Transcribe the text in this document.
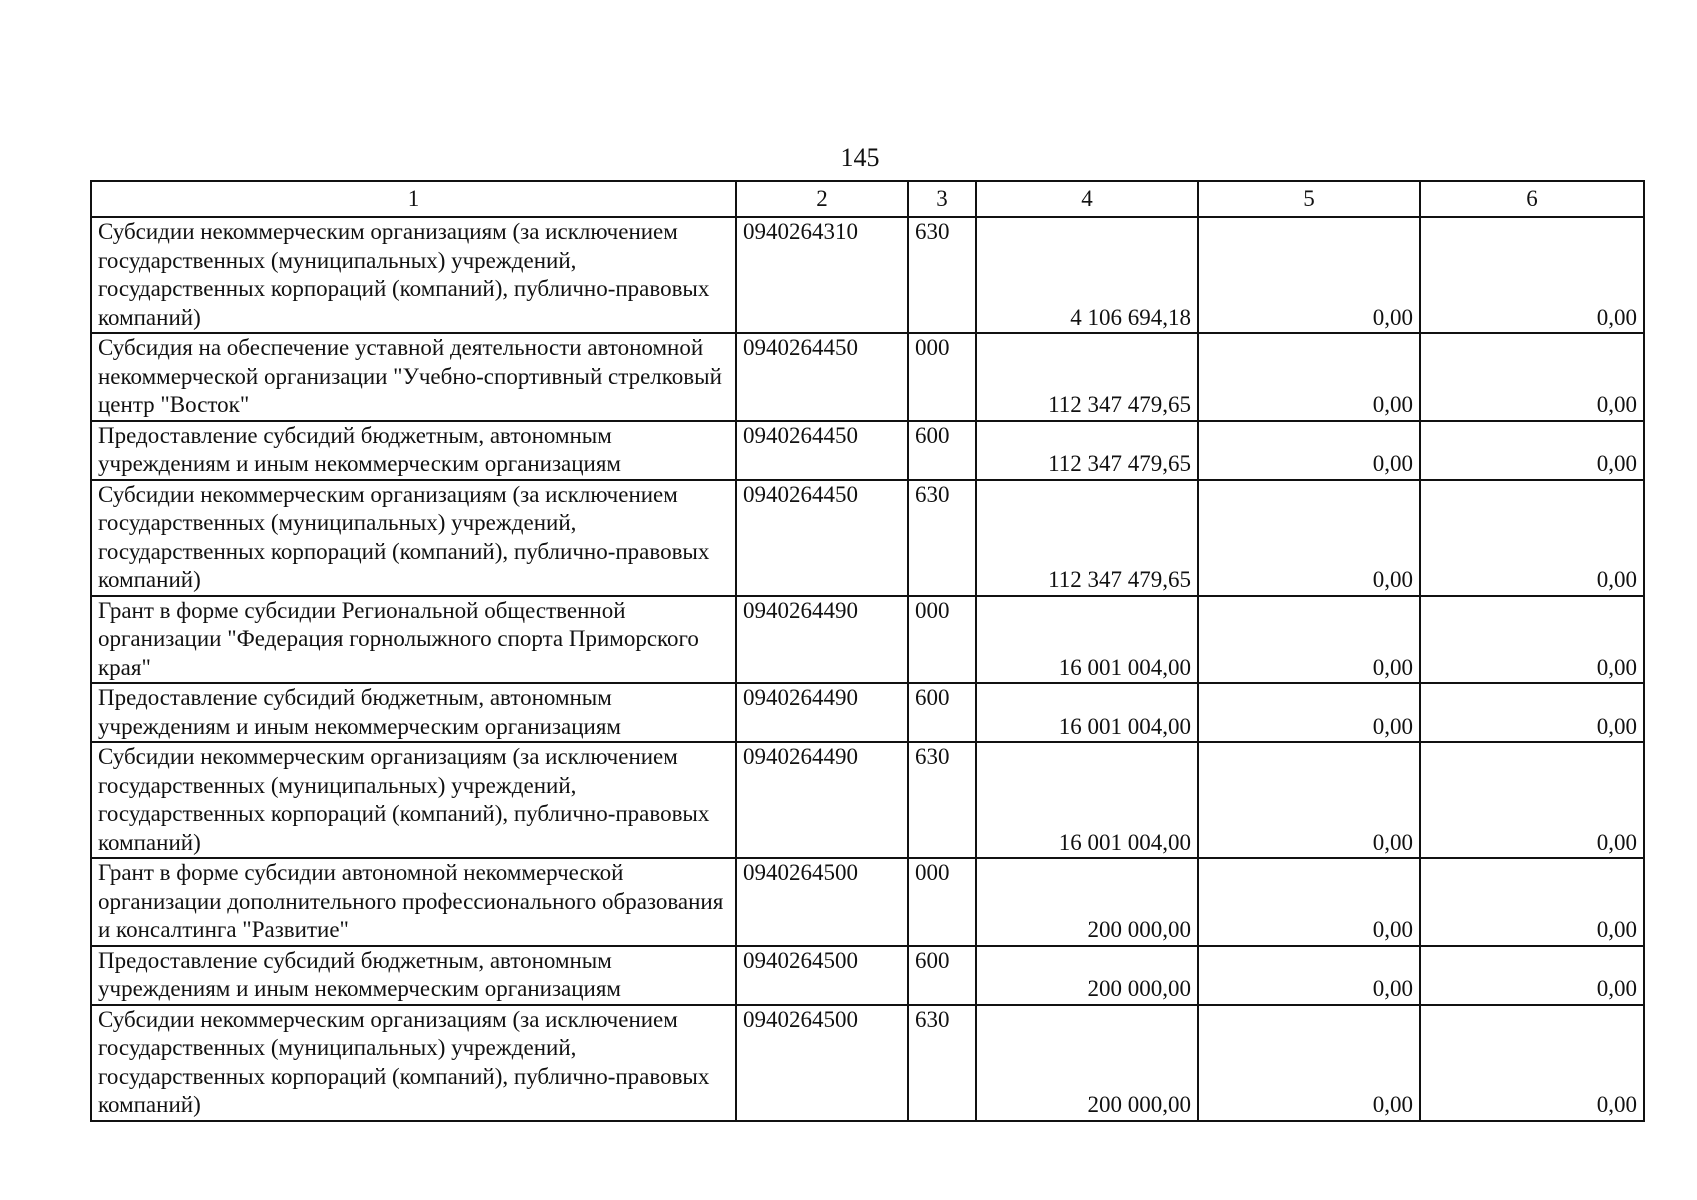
145
1	2	3	4	5	6
Субсидии некоммерческим организациям (за исключением государственных (муниципальных) учреждений, государственных корпораций (компаний), публично-правовых компаний)	0940264310	630	4 106 694,18	0,00	0,00
Субсидия на обеспечение уставной деятельности автономной некоммерческой организации "Учебно-спортивный стрелковый центр "Восток"	0940264450	000	112 347 479,65	0,00	0,00
Предоставление субсидий бюджетным, автономным учреждениям и иным некоммерческим организациям	0940264450	600	112 347 479,65	0,00	0,00
Субсидии некоммерческим организациям (за исключением государственных (муниципальных) учреждений, государственных корпораций (компаний), публично-правовых компаний)	0940264450	630	112 347 479,65	0,00	0,00
Грант в форме субсидии Региональной общественной организации "Федерация горнолыжного спорта Приморского края"	0940264490	000	16 001 004,00	0,00	0,00
Предоставление субсидий бюджетным, автономным учреждениям и иным некоммерческим организациям	0940264490	600	16 001 004,00	0,00	0,00
Субсидии некоммерческим организациям (за исключением государственных (муниципальных) учреждений, государственных корпораций (компаний), публично-правовых компаний)	0940264490	630	16 001 004,00	0,00	0,00
Грант в форме субсидии автономной некоммерческой организации дополнительного профессионального образования и консалтинга "Развитие"	0940264500	000	200 000,00	0,00	0,00
Предоставление субсидий бюджетным, автономным учреждениям и иным некоммерческим организациям	0940264500	600	200 000,00	0,00	0,00
Субсидии некоммерческим организациям (за исключением государственных (муниципальных) учреждений, государственных корпораций (компаний), публично-правовых компаний)	0940264500	630	200 000,00	0,00	0,00
